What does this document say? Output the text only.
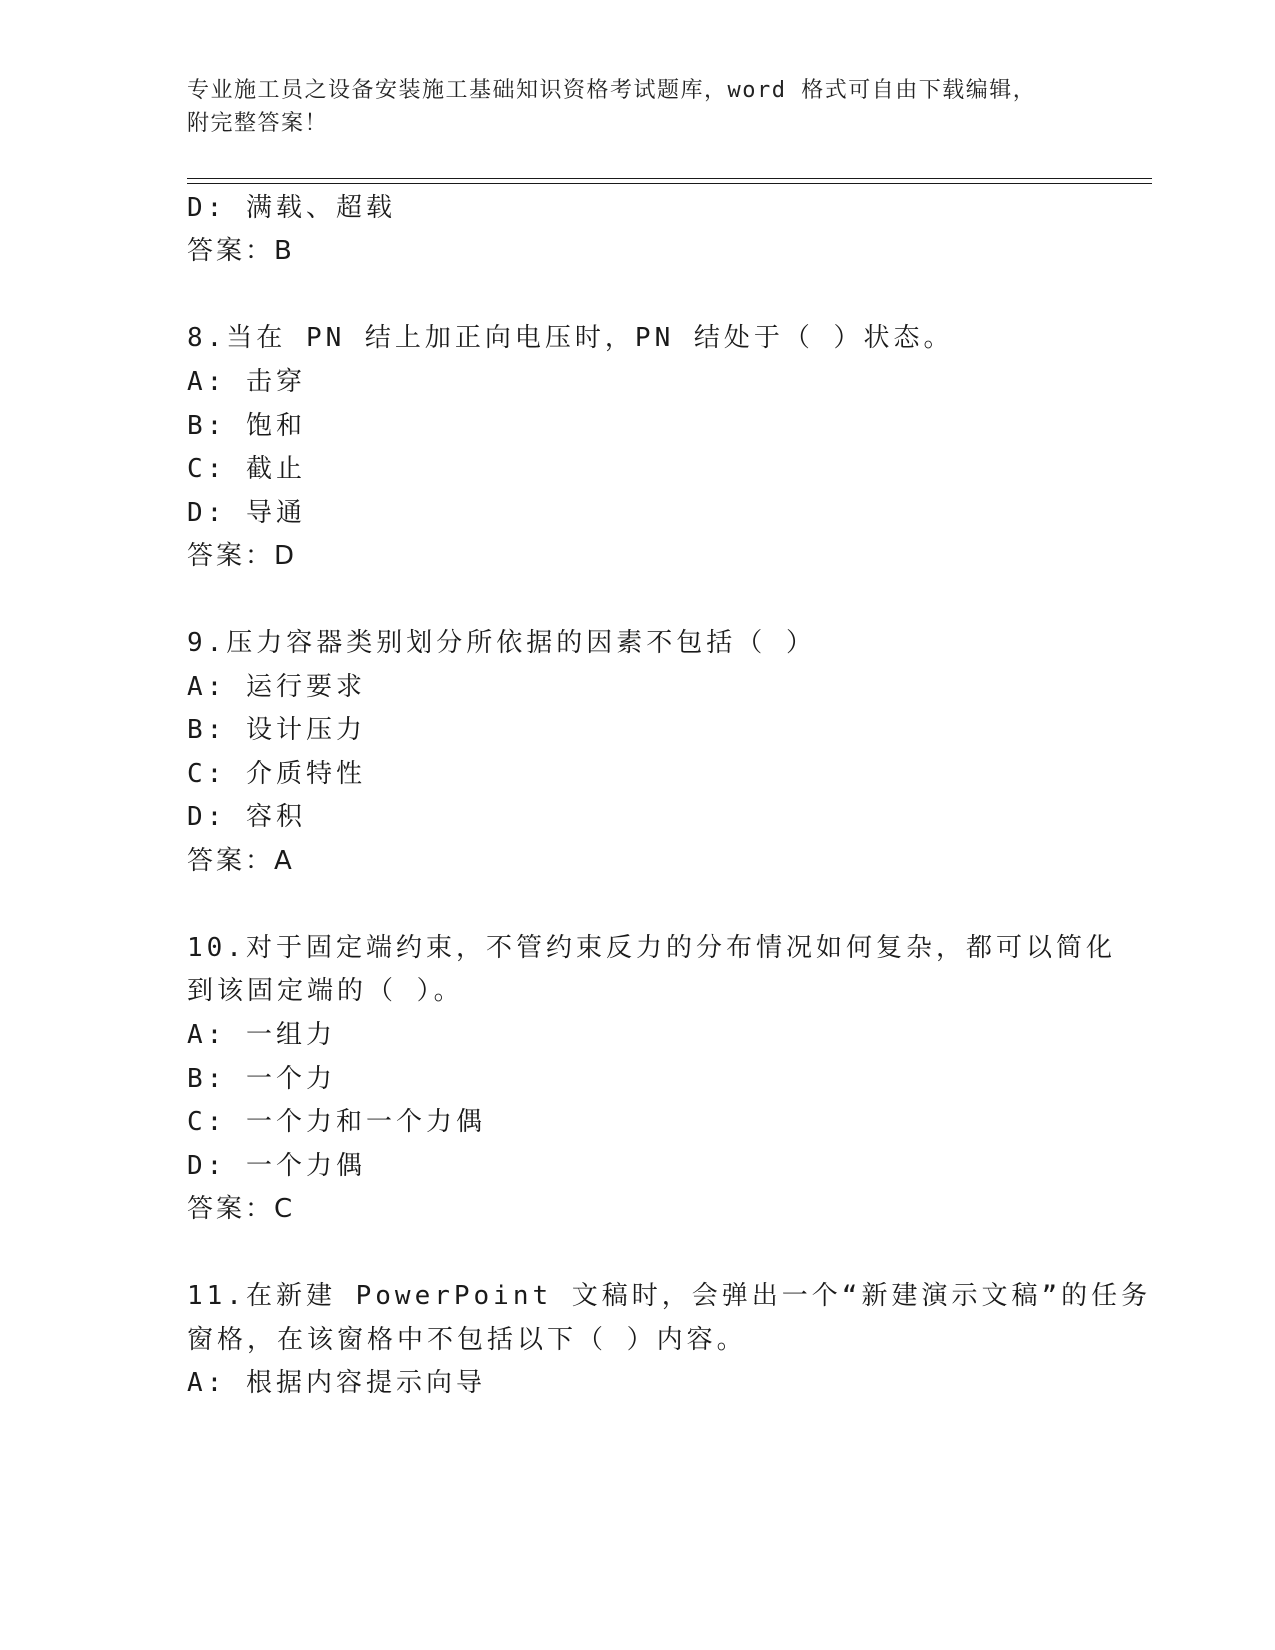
专业施工员之设备安装施工基础知识资格考试题库，word 格式可自由下载编辑，
附完整答案！
D: 满载、超载
答案：B
8.当在 PN 结上加正向电压时，PN 结处于（ ）状态。
A: 击穿
B: 饱和
C: 截止
D: 导通
答案：D
9.压力容器类别划分所依据的因素不包括（ ）
A: 运行要求
B: 设计压力
C: 介质特性
D: 容积
答案：A
10.对于固定端约束，不管约束反力的分布情况如何复杂，都可以简化
到该固定端的（ ）。
A: 一组力
B: 一个力
C: 一个力和一个力偶
D: 一个力偶
答案：C
11.在新建 PowerPoint 文稿时，会弹出一个“新建演示文稿”的任务
窗格，在该窗格中不包括以下（ ）内容。
A: 根据内容提示向导
